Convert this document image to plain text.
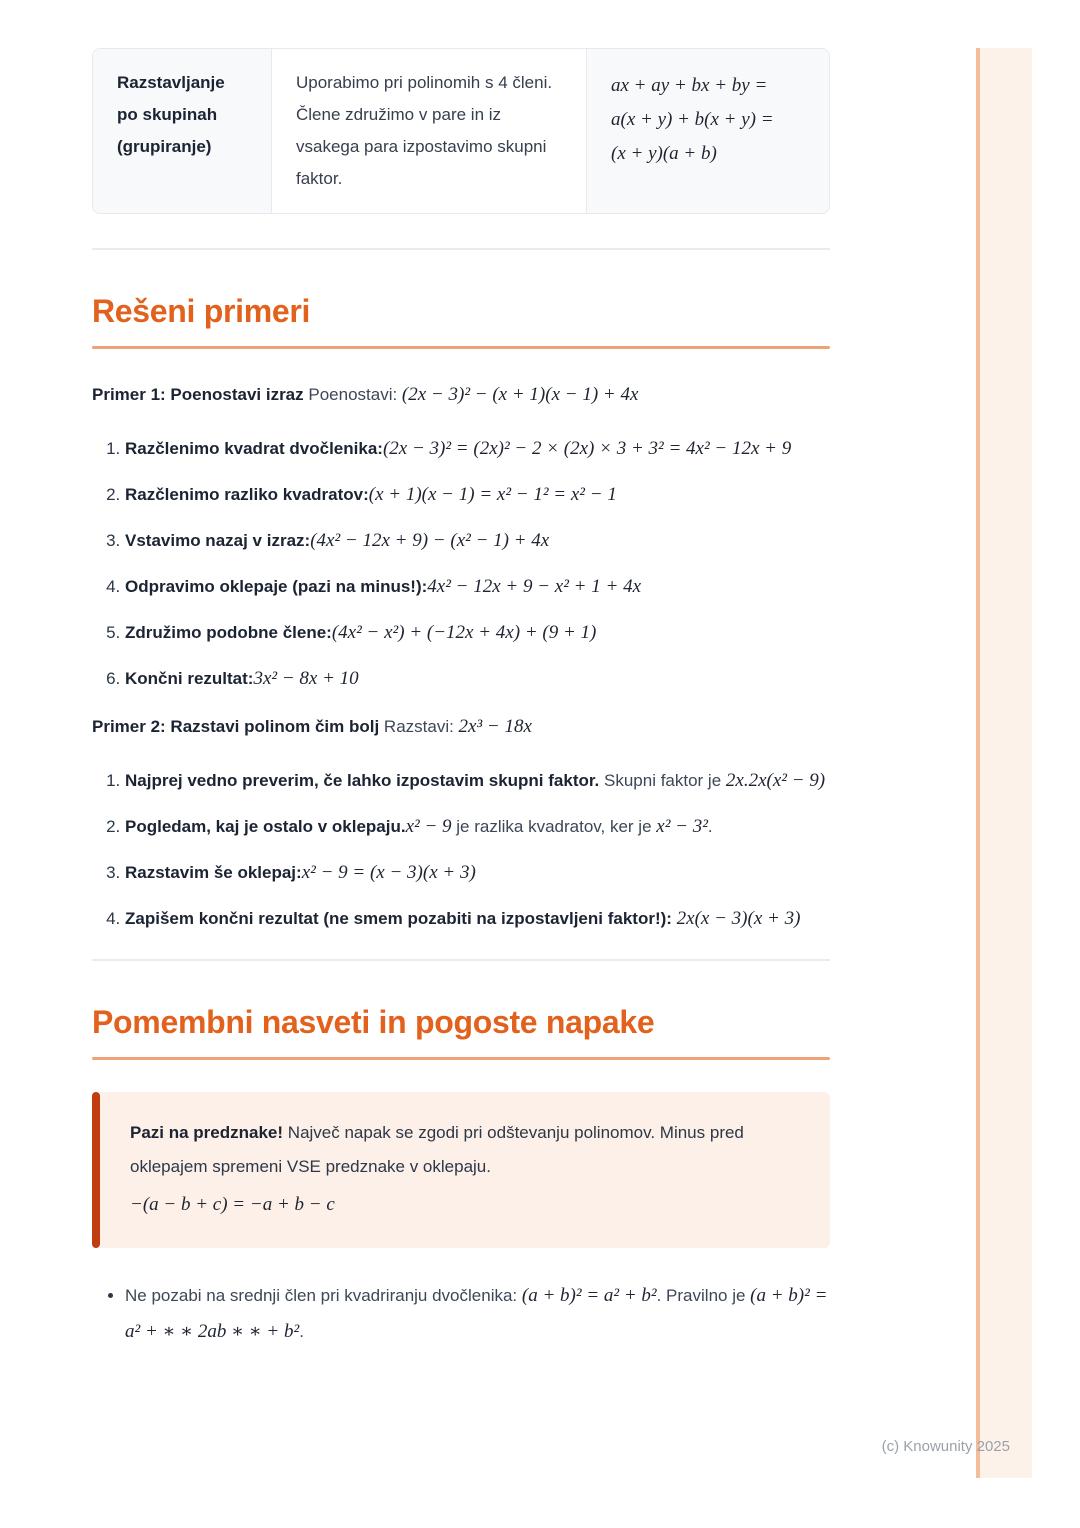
Razstavljanje po skupinah (grupiranje)
Uporabimo pri polinomih s 4 členi. Člene združimo v pare in iz vsakega para izpostavimo skupni faktor.
ax + ay + bx + by =
a(x + y) + b(x + y) =
(x + y)(a + b)
Rešeni primeri

Primer 1: Poenostavi izraz Poenostavi: (2x − 3)² − (x + 1)(x − 1) + 4x

1. Razčlenimo kvadrat dvočlenika:(2x − 3)² = (2x)² − 2 × (2x) × 3 + 3² = 4x² − 12x + 9
2. Razčlenimo razliko kvadratov:(x + 1)(x − 1) = x² − 1² = x² − 1
3. Vstavimo nazaj v izraz:(4x² − 12x + 9) − (x² − 1) + 4x
4. Odpravimo oklepaje (pazi na minus!):4x² − 12x + 9 − x² + 1 + 4x
5. Združimo podobne člene:(4x² − x²) + (−12x + 4x) + (9 + 1)
6. Končni rezultat:3x² − 8x + 10

Primer 2: Razstavi polinom čim bolj Razstavi: 2x³ − 18x

1. Najprej vedno preverim, če lahko izpostavim skupni faktor. Skupni faktor je 2x.2x(x² − 9)
2. Pogledam, kaj je ostalo v oklepaju.x² − 9 je razlika kvadratov, ker je x² − 3².
3. Razstavim še oklepaj:x² − 9 = (x − 3)(x + 3)
4. Zapišem končni rezultat (ne smem pozabiti na izpostavljeni faktor!): 2x(x − 3)(x + 3)
Pomembni nasveti in pogoste napake

Pazi na predznake! Največ napak se zgodi pri odštevanju polinomov. Minus pred oklepajem spremeni VSE predznake v oklepaju.

−(a − b + c) = −a + b − c
• Ne pozabi na srednji člen pri kvadriranju dvočlenika: (a + b)² = a² + b². Pravilno je (a + b)² = a² + ∗ ∗ 2ab ∗ ∗ + b².
(c) Knowunity 2025
